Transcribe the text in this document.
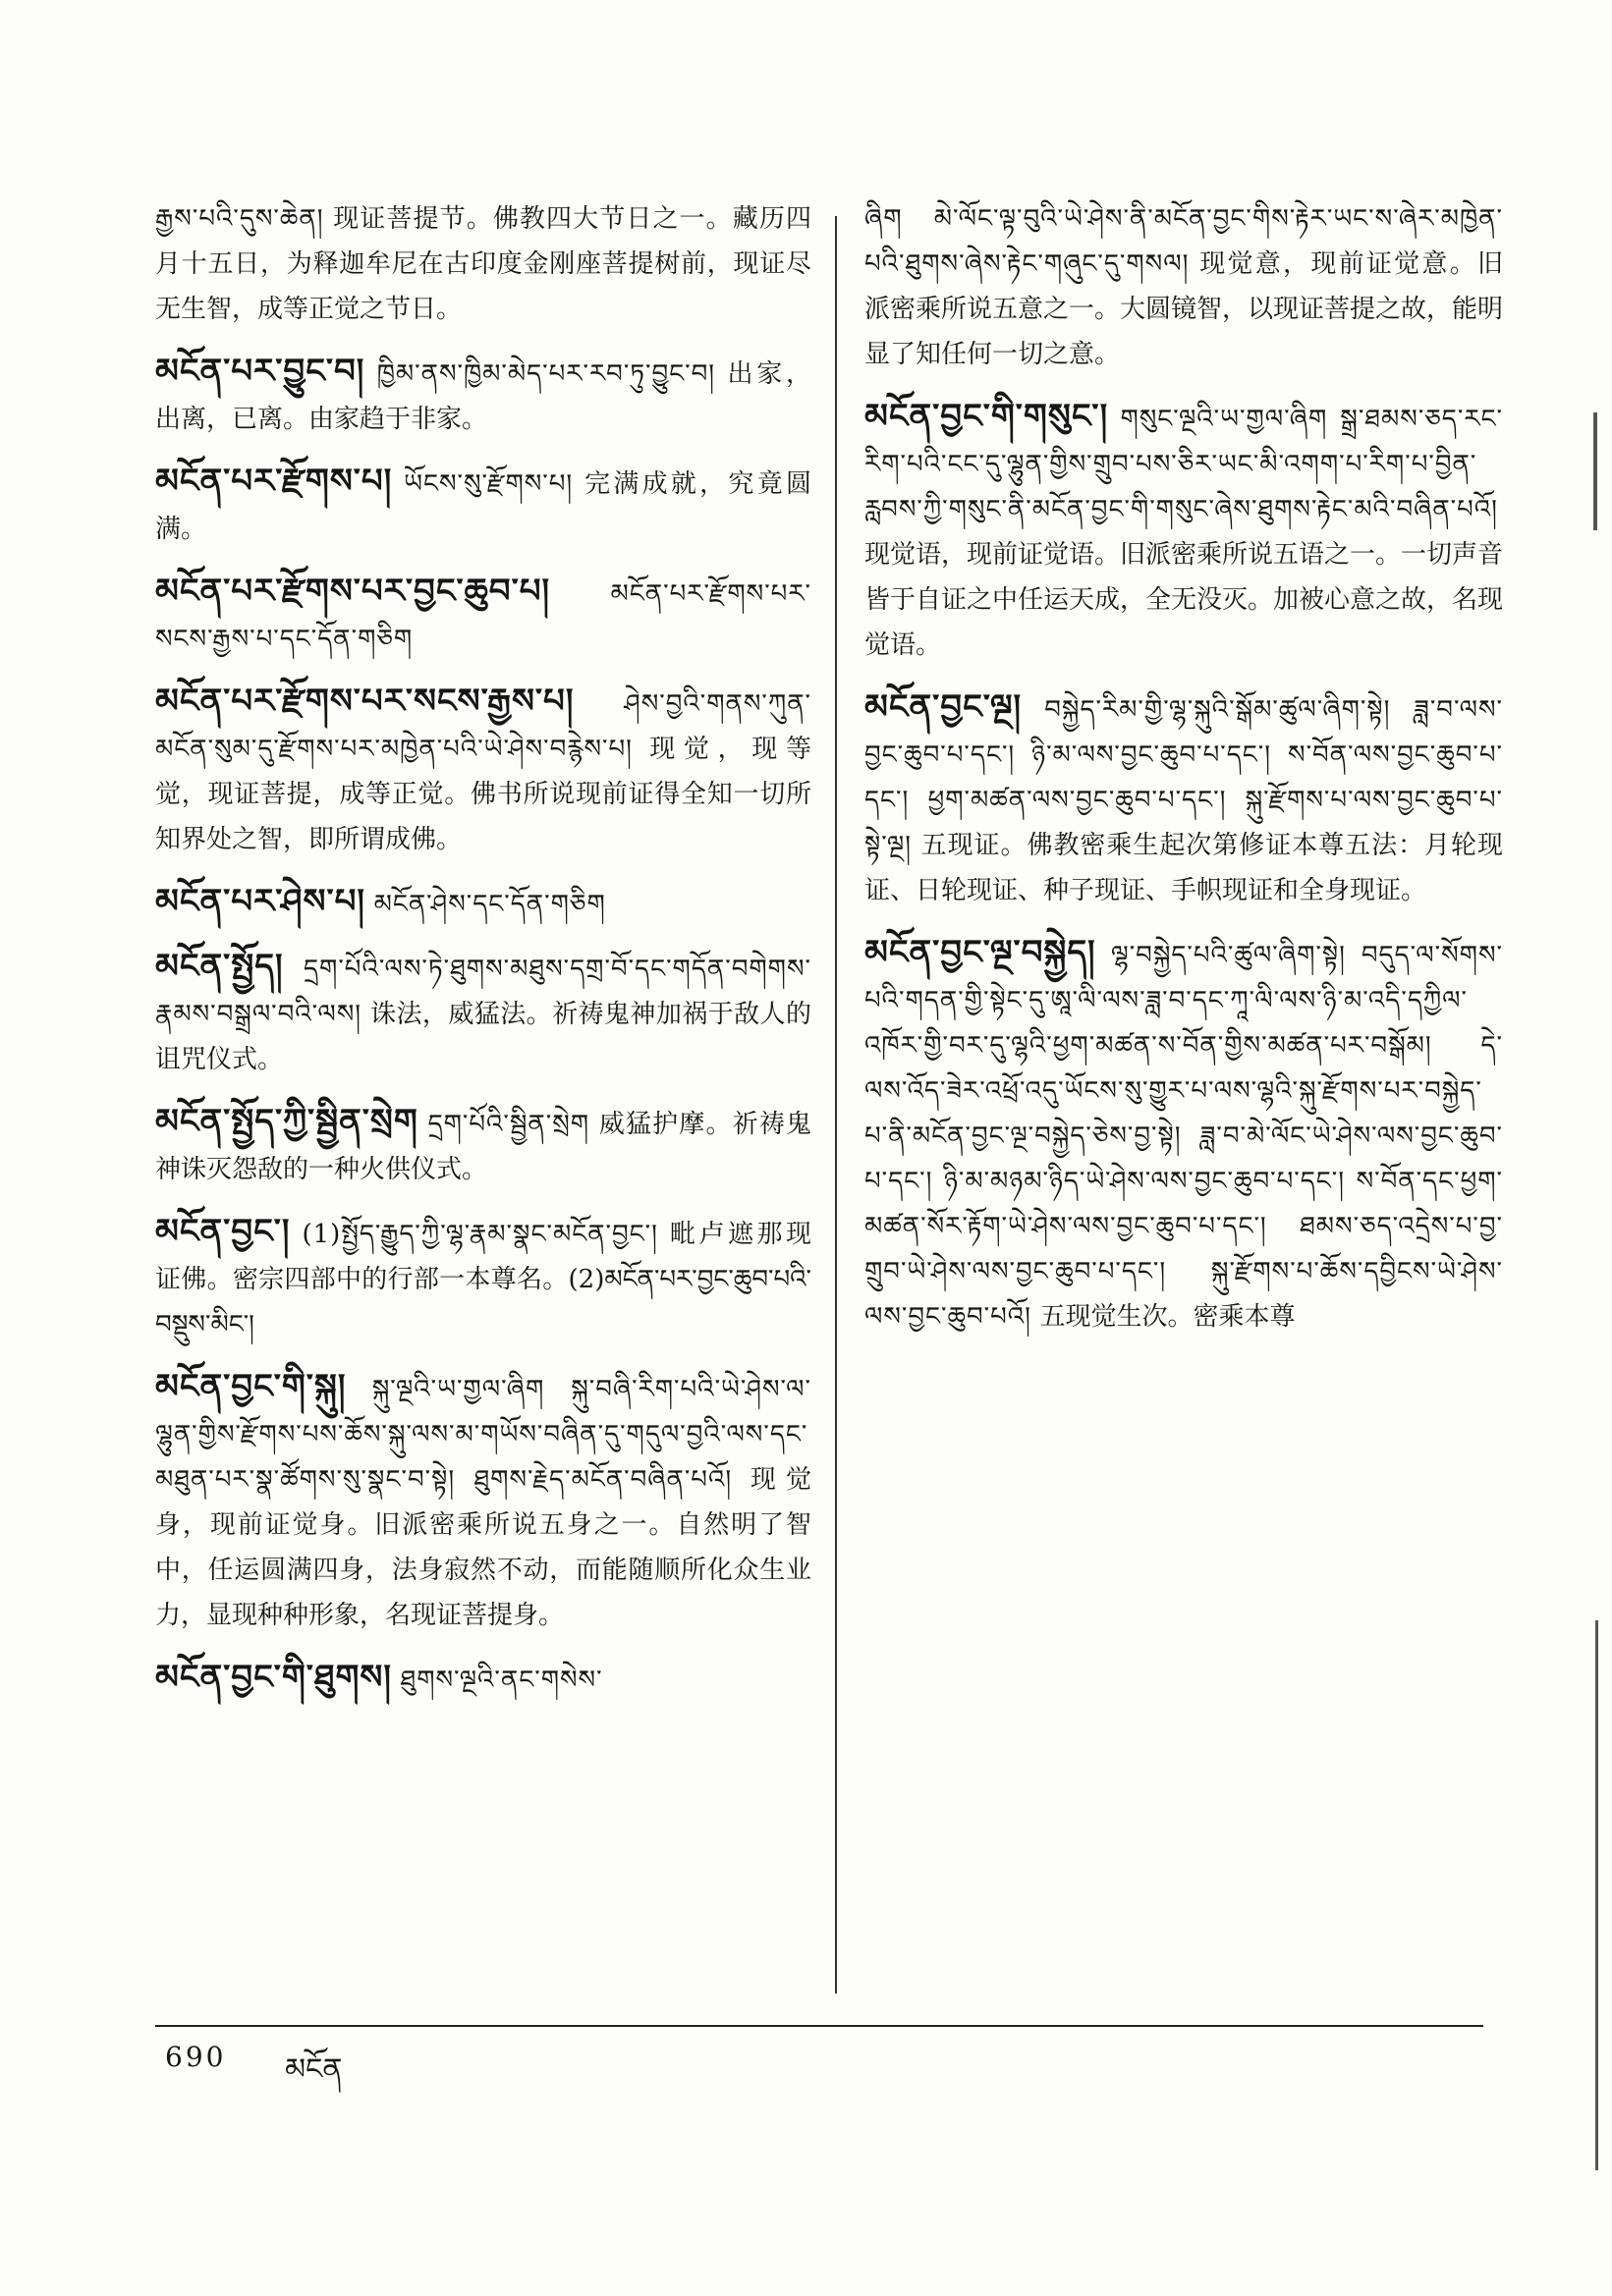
རྒྱས་པའི་དུས་ཆེན། 现证菩提节。佛教四大节日之一。藏历四月十五日，为释迦牟尼在古印度金刚座菩提树前，现证尽无生智，成等正觉之节日。

མངོན་པར་བྱུང་བ། ཁྱིམ་ནས་ཁྱིམ་མེད་པར་རབ་ཏུ་བྱུང་བ། 出家，出离，已离。由家趋于非家。

མངོན་པར་རྫོགས་པ། ཡོངས་སུ་རྫོགས་པ། 完满成就，究竟圆满。

མངོན་པར་རྫོགས་པར་བྱང་ཆུབ་པ། མངོན་པར་རྫོགས་པར་སངས་རྒྱས་པ་དང་དོན་གཅིག

མངོན་པར་རྫོགས་པར་སངས་རྒྱས་པ། ཤེས་བྱའི་གནས་ཀུན་མངོན་སུམ་དུ་རྫོགས་པར་མཁྱེན་པའི་ཡེ་ཤེས་བརྙེས་པ། 现觉，现等觉，现证菩提，成等正觉。佛书所说现前证得全知一切所知界处之智，即所谓成佛。

མངོན་པར་ཤེས་པ། མངོན་ཤེས་དང་དོན་གཅིག

མངོན་སྤྱོད། དྲག་པོའི་ལས་ཏེ་ཐུགས་མཐུས་དགྲ་བོ་དང་གདོན་བགེགས་རྣམས་བསྒྲལ་བའི་ལས། 诛法，威猛法。祈祷鬼神加祸于敌人的诅咒仪式。

མངོན་སྤྱོད་ཀྱི་སྦྱིན་སྲེག དྲག་པོའི་སྦྱིན་སྲེག 威猛护摩。祈祷鬼神诛灭怨敌的一种火供仪式。

མངོན་བྱང་། (1)སྤྱོད་རྒྱུད་ཀྱི་ལྷ་རྣམ་སྣང་མངོན་བྱང་། 毗卢遮那现证佛。密宗四部中的行部一本尊名。(2)མངོན་པར་བྱང་ཆུབ་པའི་བསྡུས་མིང་།

མངོན་བྱང་གི་སྐུ། སྐུ་ལྔའི་ཡ་གྱལ་ཞིག སྐུ་བཞི་རིག་པའི་ཡེ་ཤེས་ལ་ལྷུན་གྱིས་རྫོགས་པས་ཆོས་སྐུ་ལས་མ་གཡོས་བཞིན་དུ་གདུལ་བྱའི་ལས་དང་མཐུན་པར་སྣ་ཚོགས་སུ་སྣང་བ་སྟེ། ཐུགས་རྗེད་མངོན་བཞིན་པའོ། 现觉身，现前证觉身。旧派密乘所说五身之一。自然明了智中，任运圆满四身，法身寂然不动，而能随顺所化众生业力，显现种种形象，名现证菩提身。

མངོན་བྱང་གི་ཐུགས། ཐུགས་ལྔའི་ནང་གསེས་

ཞིག མེ་ལོང་ལྟ་བུའི་ཡེ་ཤེས་ནི་མངོན་བྱང་གིས་རྟེར་ཡང་ས་ཞེར་མཁྱེན་པའི་ཐུགས་ཞེས་རྟེང་གཞུང་དུ་གསལ། 现觉意，现前证觉意。旧派密乘所说五意之一。大圆镜智，以现证菩提之故，能明显了知任何一切之意。

མངོན་བྱང་གི་གསུང་། གསུང་ལྔའི་ཡ་གྱལ་ཞིག སྒྲ་ཐམས་ཅད་རང་རིག་པའི་ངང་དུ་ལྷུན་གྱིས་གྲུབ་པས་ཅིར་ཡང་མི་འགག་པ་རིག་པ་བྱིན་རླབས་ཀྱི་གསུང་ནི་མངོན་བྱང་གི་གསུང་ཞེས་ཐུགས་རྟེང་མའི་བཞིན་པའོ། 现觉语，现前证觉语。旧派密乘所说五语之一。一切声音皆于自证之中任运天成，全无没灭。加被心意之故，名现觉语。

མངོན་བྱང་ལྔ། བསྐྱེད་རིམ་གྱི་ལྷ་སྐུའི་སྒོམ་ཚུལ་ཞིག་སྟེ། ཟླ་བ་ལས་བྱང་ཆུབ་པ་དང་། ཉི་མ་ལས་བྱང་ཆུབ་པ་དང་། ས་བོན་ལས་བྱང་ཆུབ་པ་དང་། ཕྱག་མཚན་ལས་བྱང་ཆུབ་པ་དང་། སྐུ་རྫོགས་པ་ལས་བྱང་ཆུབ་པ་སྟེ་ལྔ། 五现证。佛教密乘生起次第修证本尊五法：月轮现证、日轮现证、种子现证、手帜现证和全身现证。

མངོན་བྱང་ལྔ་བསྐྱེད། ལྷ་བསྐྱེད་པའི་ཚུལ་ཞིག་སྟེ། བདུད་ལ་སོགས་པའི་གདན་གྱི་སྟེང་དུ་ཨཱ་ལི་ལས་ཟླ་བ་དང་ཀཱ་ལི་ལས་ཉི་མ་འདི་དཀྱིལ་འཁོར་གྱི་བར་དུ་ལྷའི་ཕྱག་མཚན་ས་བོན་གྱིས་མཚན་པར་བསྒོམ། དེ་ལས་འོད་ཟེར་འཕྲོ་འདུ་ཡོངས་སུ་གྱུར་པ་ལས་ལྷའི་སྐུ་རྫོགས་པར་བསྐྱེད་པ་ནི་མངོན་བྱང་ལྔ་བསྐྱེད་ཅེས་བྱ་སྟེ། ཟླ་བ་མེ་ལོང་ཡེ་ཤེས་ལས་བྱང་ཆུབ་པ་དང་། ཉི་མ་མཉམ་ཉིད་ཡེ་ཤེས་ལས་བྱང་ཆུབ་པ་དང་། ས་བོན་དང་ཕྱག་མཚན་སོར་རྟོག་ཡེ་ཤེས་ལས་བྱང་ཆུབ་པ་དང་། ཐམས་ཅད་འདྲེས་པ་བྱ་གྲུབ་ཡེ་ཤེས་ལས་བྱང་ཆུབ་པ་དང་། སྐུ་རྫོགས་པ་ཆོས་དབྱིངས་ཡེ་ཤེས་ལས་བྱང་ཆུབ་པའོ། 五现觉生次。密乘本尊

690 མངོན
